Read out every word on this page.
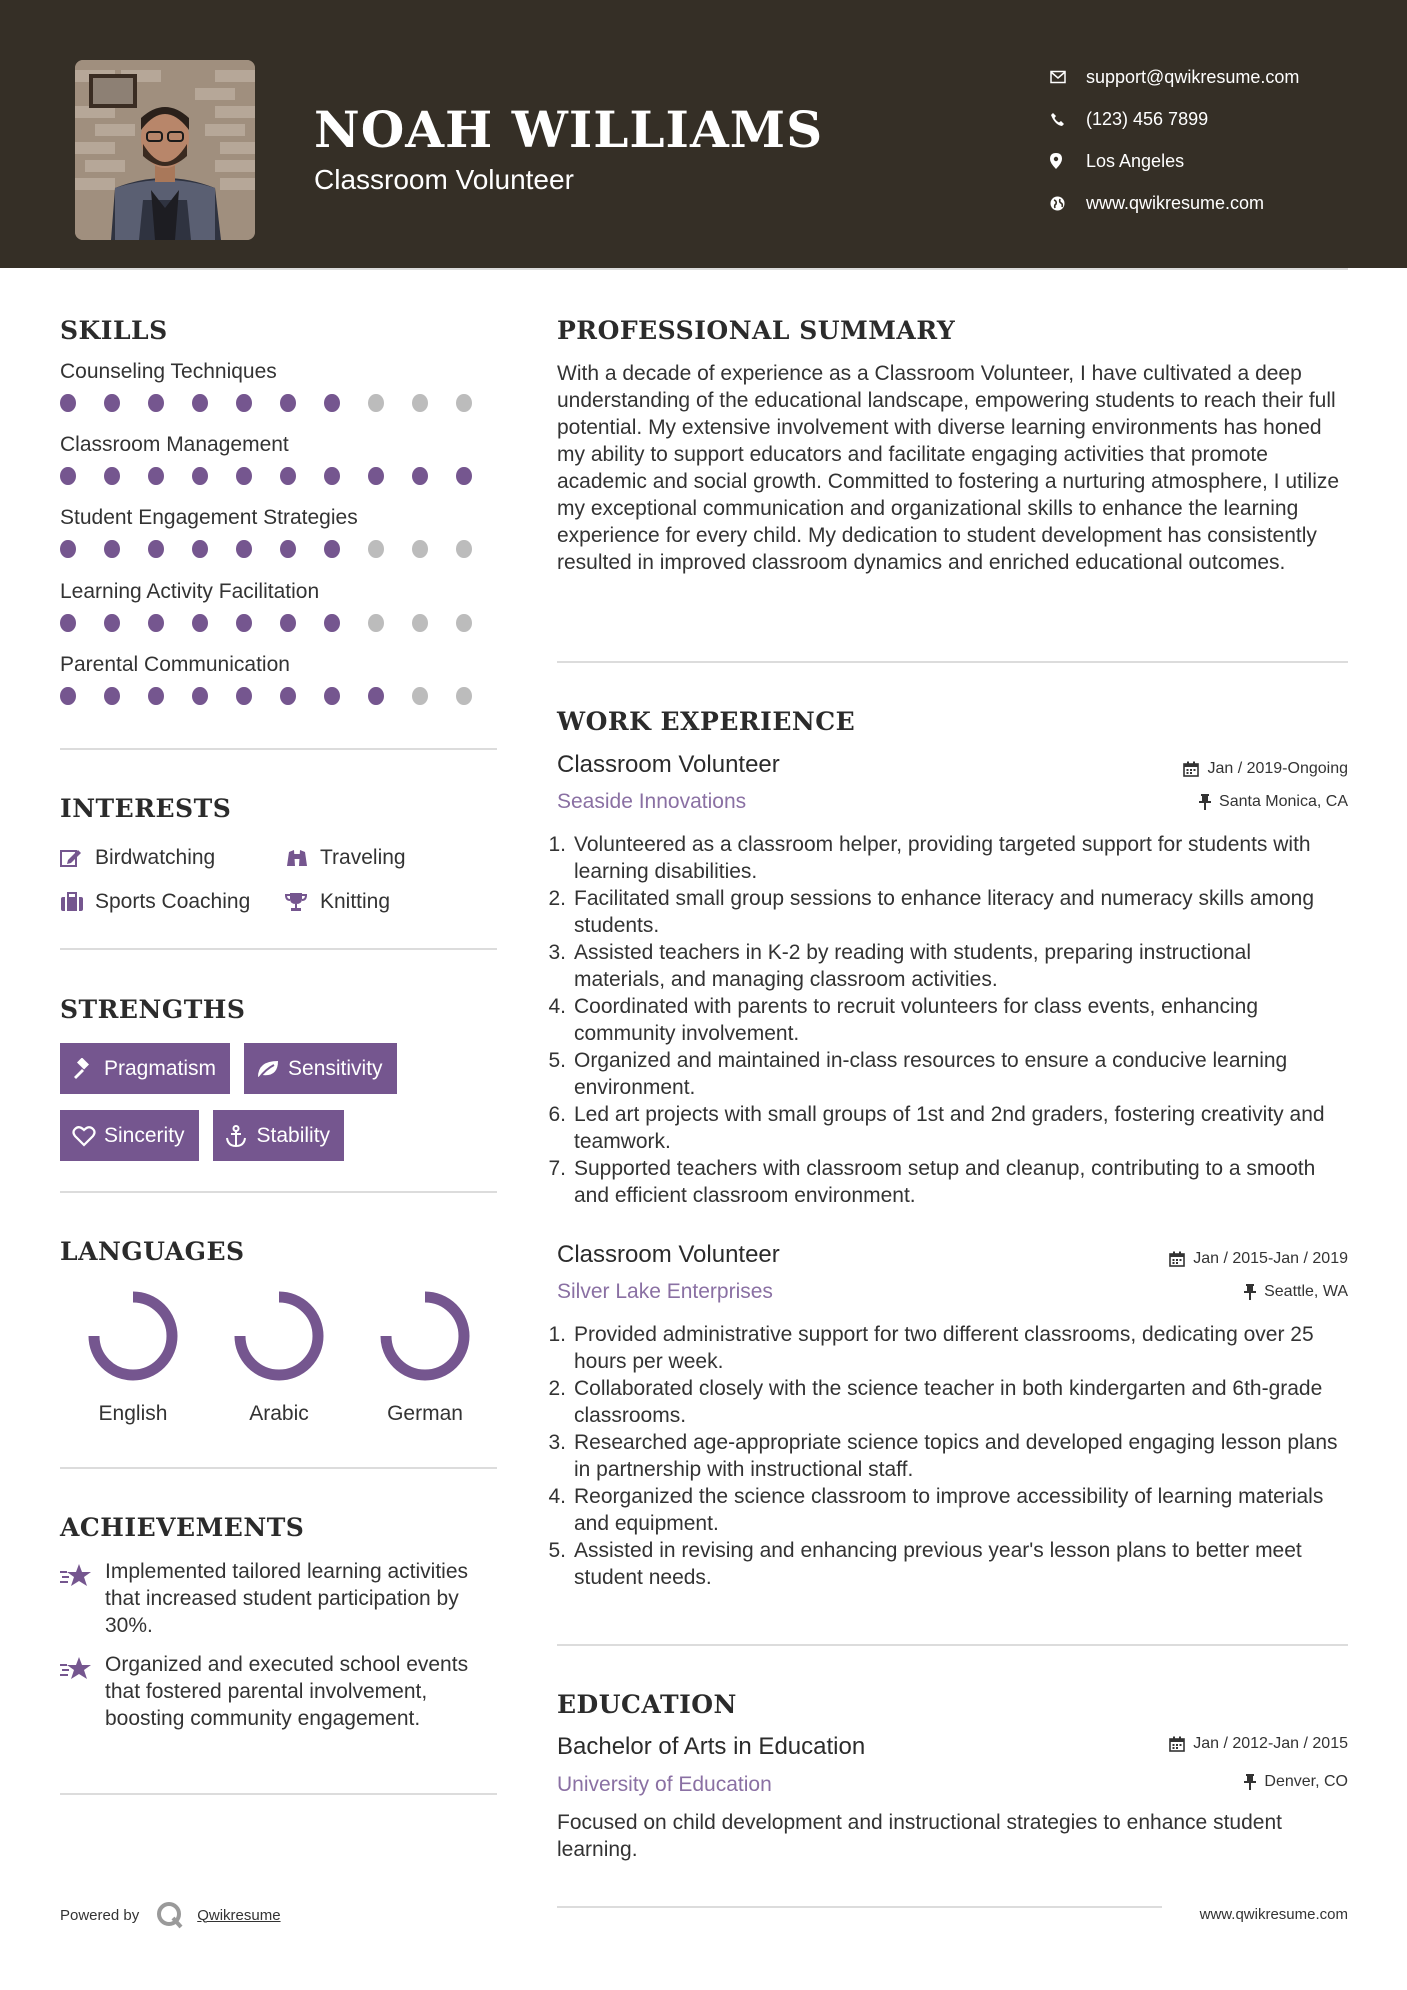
NOAH WILLIAMS
Classroom Volunteer
support@qwikresume.com
(123) 456 7899
Los Angeles
www.qwikresume.com
SKILLS
Counseling Techniques
Classroom Management
Student Engagement Strategies
Learning Activity Facilitation
Parental Communication
INTERESTS
Birdwatching	Traveling
Sports Coaching	Knitting
STRENGTHS
Pragmatism	Sensitivity
Sincerity	Stability
LANGUAGES
English	Arabic	German
ACHIEVEMENTS
Implemented tailored learning activities that increased student participation by 30%.
Organized and executed school events that fostered parental involvement, boosting community engagement.
Powered by	Qwikresume
PROFESSIONAL SUMMARY
With a decade of experience as a Classroom Volunteer, I have cultivated a deep understanding of the educational landscape, empowering students to reach their full potential. My extensive involvement with diverse learning environments has honed my ability to support educators and facilitate engaging activities that promote academic and social growth. Committed to fostering a nurturing atmosphere, I utilize my exceptional communication and organizational skills to enhance the learning experience for every child. My dedication to student development has consistently resulted in improved classroom dynamics and enriched educational outcomes.
WORK EXPERIENCE
Classroom Volunteer	Jan / 2019-Ongoing
Seaside Innovations	Santa Monica, CA
1. Volunteered as a classroom helper, providing targeted support for students with learning disabilities.
2. Facilitated small group sessions to enhance literacy and numeracy skills among students.
3. Assisted teachers in K-2 by reading with students, preparing instructional materials, and managing classroom activities.
4. Coordinated with parents to recruit volunteers for class events, enhancing community involvement.
5. Organized and maintained in-class resources to ensure a conducive learning environment.
6. Led art projects with small groups of 1st and 2nd graders, fostering creativity and teamwork.
7. Supported teachers with classroom setup and cleanup, contributing to a smooth and efficient classroom environment.
Classroom Volunteer	Jan / 2015-Jan / 2019
Silver Lake Enterprises	Seattle, WA
1. Provided administrative support for two different classrooms, dedicating over 25 hours per week.
2. Collaborated closely with the science teacher in both kindergarten and 6th-grade classrooms.
3. Researched age-appropriate science topics and developed engaging lesson plans in partnership with instructional staff.
4. Reorganized the science classroom to improve accessibility of learning materials and equipment.
5. Assisted in revising and enhancing previous year's lesson plans to better meet student needs.
EDUCATION
Bachelor of Arts in Education	Jan / 2012-Jan / 2015
University of Education	Denver, CO
Focused on child development and instructional strategies to enhance student learning.
www.qwikresume.com
